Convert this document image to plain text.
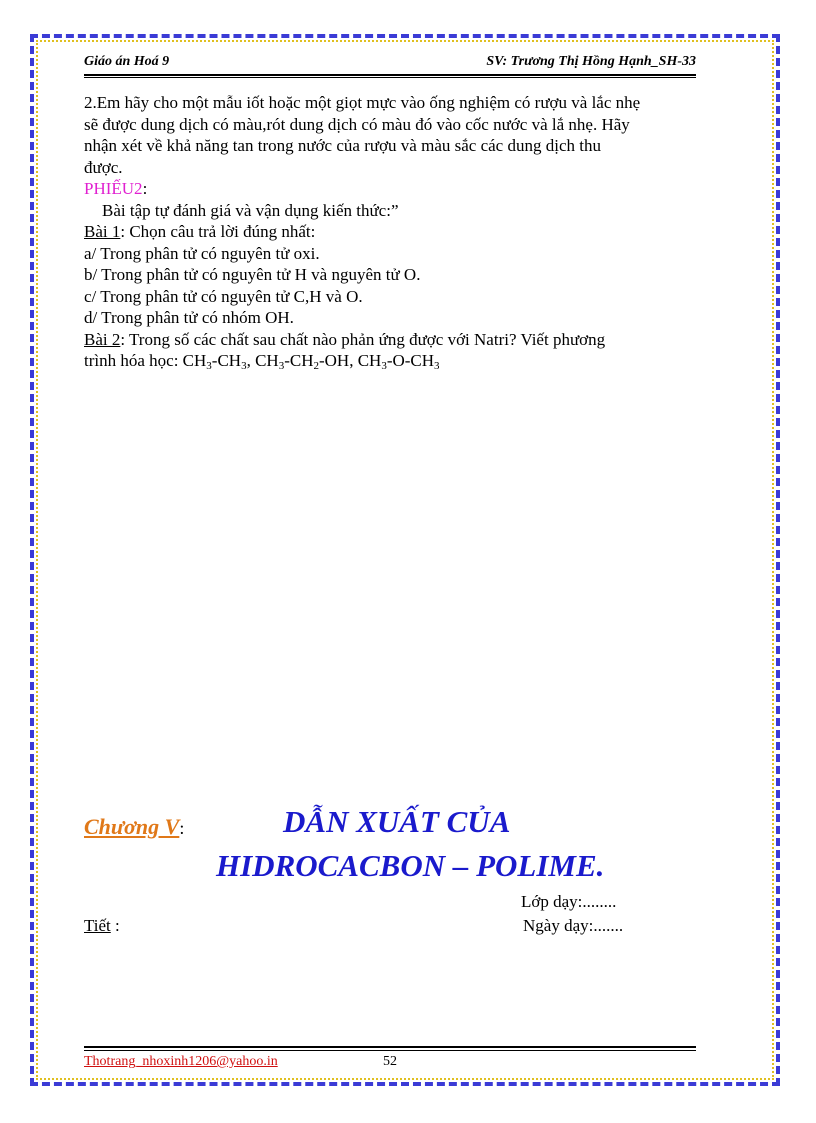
Giáo án Hoá 9	SV: Trương Thị Hồng Hạnh_SH-33

2.Em hãy cho một mẫu iốt hoặc một giọt mực vào ống nghiệm có rượu và lắc nhẹ

sẽ được dung dịch có màu,rót dung dịch có màu đó vào cốc nước và lắ nhẹ. Hãy

nhận xét về khả năng tan trong nước của rượu và màu sắc các dung dịch thu

được.

PHIẾU2:

Bài tập tự đánh giá và vận dụng kiến thức:”

Bài 1: Chọn câu trả lời đúng nhất:

a/ Trong phân tử có nguyên tử oxi.

b/ Trong phân tử có nguyên tử H và nguyên tử O.

c/ Trong phân tử có nguyên tử C,H và O.

d/ Trong phân tử có nhóm OH.

Bài 2: Trong số các chất sau chất nào phản ứng được với Natri? Viết phương

trình hóa học: $CH_3-CH_3$, $CH_3-CH_2-OH$, $CH_3-O-CH_3$

Chương V:	DẪN XUẤT CỦA
HIDROCACBON – POLIME.
Lớp dạy:........
Tiết :	Ngày dạy:.......
Thotrang_nhoxinh1206@yahoo.in	52
